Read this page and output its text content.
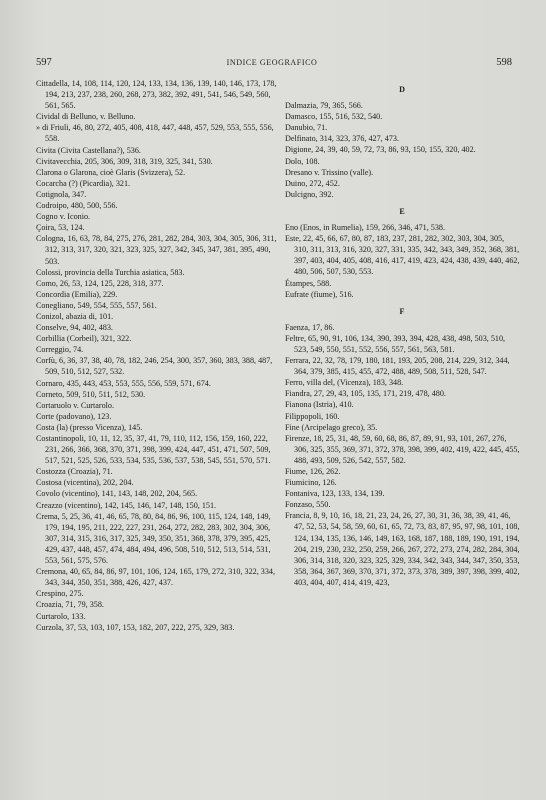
597	INDICE GEOGRAFICO	598
Cittadella, 14, 108, 114, 120, 124, 133, 134, 136, 139, 140, 146, 173, 178, 194, 213, 237, 238, 260, 268, 273, 382, 392, 491, 541, 546, 549, 560, 561, 565.
Cividal di Belluno, v. Belluno.
» di Friuli, 46, 80, 272, 405, 408, 418, 447, 448, 457, 529, 553, 555, 556, 558.
Civita (Civita Castellana?), 536.
Civitavecchia, 205, 306, 309, 318, 319, 325, 341, 530.
Clarona o Glarona, cioè Glaris (Svizzera), 52.
Cocarcha (?) (Picardia), 321.
Cotignola, 347.
Codroipo, 480, 500, 556.
Cogno v. Iconio.
Çoira, 53, 124.
Cologna, 16, 63, 78, 84, 275, 276, 281, 282, 284, 303, 304, 305, 306, 311, 312, 313, 317, 320, 321, 323, 325, 327, 342, 345, 347, 381, 395, 490, 503.
Colossi, provincia della Turchia asiatica, 583.
Como, 26, 53, 124, 125, 228, 318, 377.
Concordia (Emilia), 229.
Conegliano, 549, 554, 555, 557, 561.
Conizol, abazia di, 101.
Conselve, 94, 402, 483.
Corbillia (Corbeil), 321, 322.
Correggio, 74.
Corfù, 6, 36, 37, 38, 40, 78, 182, 246, 254, 300, 357, 360, 383, 388, 487, 509, 510, 512, 527, 532.
Cornaro, 435, 443, 453, 553, 555, 556, 559, 571, 674.
Corneto, 509, 510, 511, 512, 530.
Cortaruolo v. Curtarolo.
Corte (padovano), 123.
Costa (la) (presso Vicenza), 145.
Costantinopoli, 10, 11, 12, 35, 37, 41, 79, 110, 112, 156, 159, 160, 222, 231, 266, 366, 368, 370, 371, 398, 399, 424, 447, 451, 471, 507, 509, 517, 521, 525, 526, 533, 534, 535, 536, 537, 538, 545, 551, 570, 571.
Costozza (Croazia), 71.
Costosa (vicentina), 202, 204.
Covolo (vicentino), 141, 143, 148, 202, 204, 565.
Creazzo (vicentino), 142, 145, 146, 147, 148, 150, 151.
Crema, 5, 25, 36, 41, 46, 65, 78, 80, 84, 86, 96, 100, 115, 124, 148, 149, 179, 194, 195, 211, 222, 227, 231, 264, 272, 282, 283, 302, 304, 306, 307, 314, 315, 316, 317, 325, 349, 350, 351, 368, 378, 379, 395, 425, 429, 437, 448, 457, 474, 484, 494, 496, 508, 510, 512, 513, 514, 531, 553, 561, 575, 576.
Cremona, 40, 65, 84, 86, 97, 101, 106, 124, 165, 179, 272, 310, 322, 334, 343, 344, 350, 351, 388, 426, 427, 437.
Crespino, 275.
Croazia, 71, 79, 358.
Curtarolo, 133.
Curzola, 37, 53, 103, 107, 153, 182, 207, 222, 275, 329, 383.
D
Dalmazia, 79, 365, 566.
Damasco, 155, 516, 532, 540.
Danubio, 71.
Delfinato, 314, 323, 376, 427, 473.
Digione, 24, 39, 40, 59, 72, 73, 86, 93, 150, 155, 320, 402.
Dolo, 108.
Dresano v. Trissino (valle).
Duino, 272, 452.
Dulcigno, 392.
E
Eno (Enos, in Rumelia), 159, 266, 346, 471, 538.
Este, 22, 45, 66, 67, 80, 87, 183, 237, 281, 282, 302, 303, 304, 305, 310, 311, 313, 316, 320, 327, 331, 335, 342, 343, 349, 352, 368, 381, 397, 403, 404, 405, 408, 416, 417, 419, 423, 424, 438, 439, 440, 462, 480, 506, 507, 530, 553.
Étampes, 588.
Eufrate (fiume), 516.
F
Faenza, 17, 86.
Feltre, 65, 90, 91, 106, 134, 390, 393, 394, 428, 438, 498, 503, 510, 523, 549, 550, 551, 552, 556, 557, 561, 563, 581.
Ferrara, 22, 32, 78, 179, 180, 181, 193, 205, 208, 214, 229, 312, 344, 364, 379, 385, 415, 455, 472, 488, 489, 508, 511, 528, 547.
Ferro, villa del, (Vicenza), 183, 348.
Fiandra, 27, 29, 43, 105, 135, 171, 219, 478, 480.
Fianona (Istria), 410.
Filippopoli, 160.
Fine (Arcipelago greco), 35.
Firenze, 18, 25, 31, 48, 59, 60, 68, 86, 87, 89, 91, 93, 101, 267, 276, 306, 325, 355, 369, 371, 372, 378, 398, 399, 402, 419, 422, 445, 455, 488, 493, 509, 526, 542, 557, 582.
Fiume, 126, 262.
Fiumicino, 126.
Fontaniva, 123, 133, 134, 139.
Fonzaso, 550.
Francia, 8, 9, 10, 16, 18, 21, 23, 24, 26, 27, 30, 31, 36, 38, 39, 41, 46, 47, 52, 53, 54, 58, 59, 60, 61, 65, 72, 73, 83, 87, 95, 97, 98, 101, 108, 124, 134, 135, 136, 146, 149, 163, 168, 187, 188, 189, 190, 191, 194, 204, 219, 230, 232, 250, 259, 266, 267, 272, 273, 274, 282, 284, 304, 306, 314, 318, 320, 323, 325, 329, 334, 342, 343, 344, 347, 350, 353, 358, 364, 367, 369, 370, 371, 372, 373, 378, 389, 397, 398, 399, 402, 403, 404, 407, 414, 419, 423,
